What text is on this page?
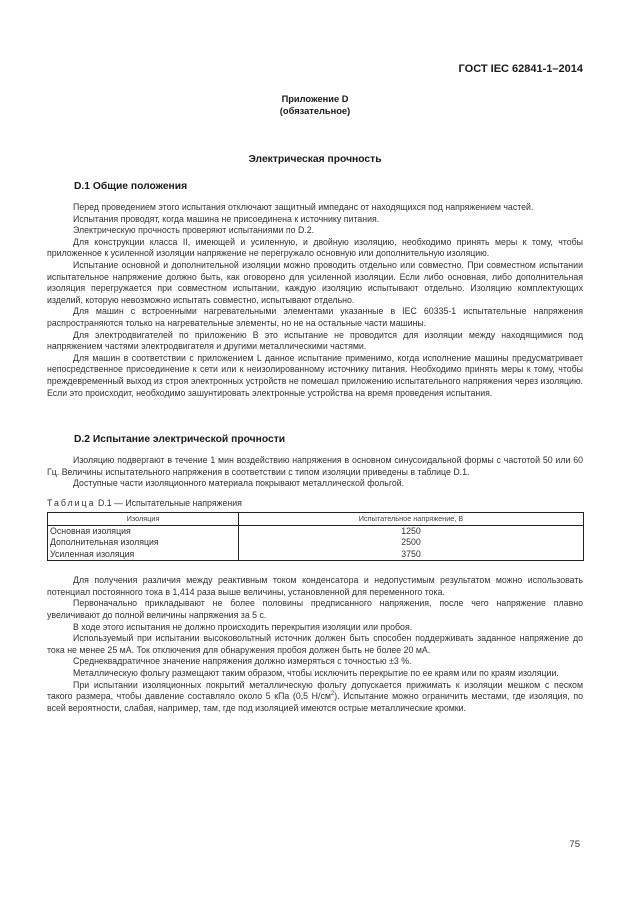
ГОСТ IEC 62841-1–2014
Приложение D
(обязательное)
Электрическая прочность
D.1 Общие положения

Перед проведением этого испытания отключают защитный импеданс от находящихся под напряжением частей.

Испытания проводят, когда машина не присоединена к источнику питания.

Электрическую прочность проверяют испытаниями по D.2.

Для конструкции класса II, имеющей и усиленную, и двойную изоляцию, необходимо принять меры к тому, чтобы приложенное к усиленной изоляции напряжение не перегружало основную или дополнительную изоляцию.

Испытание основной и дополнительной изоляции можно проводить отдельно или совместно. При совместном испытании испытательное напряжение должно быть, как оговорено для усиленной изоляции. Если либо основная, либо дополнительная изоляция перегружается при совместном испытании, каждую изоляцию испытывают отдельно. Изоляцию комплектующих изделий, которую невозможно испытать совместно, испытывают отдельно.

Для машин с встроенными нагревательными элементами указанные в IEC 60335-1 испытательные напряжения распространяются только на нагревательные элементы, но не на остальные части машины.

Для электродвигателей по приложению B это испытание не проводится для изоляции между находящимися под напряжением частями электродвигателя и другими металлическими частями.

Для машин в соответствии с приложением L данное испытание применимо, когда исполнение машины предусматривает непосредственное присоединение к сети или к неизолированному источнику питания. Необходимо принять меры к тому, чтобы преждевременный выход из строя электронных устройств не помешал приложению испытательного напряжения через изоляцию. Если это происходит, необходимо зашунтировать электронные устройства на время проведения испытания.

D.2 Испытание электрической прочности

Изоляцию подвергают в течение 1 мин воздействию напряжения в основном синусоидальной формы с частотой 50 или 60 Гц. Величины испытательного напряжения в соответствии с типом изоляции приведены в таблице D.1.

Доступные части изоляционного материала покрывают металлической фольгой.

Таблица D.1 — Испытательные напряжения
Изоляция	Испытательное напряжение, В
Основная изоляция	1250
Дополнительная изоляция	2500
Усиленная изоляция	3750

Для получения различия между реактивным током конденсатора и недопустимым результатом можно использовать потенциал постоянного тока в 1,414 раза выше величины, установленной для переменного тока.

Первоначально прикладывают не более половины предписанного напряжения, после чего напряжение плавно увеличивают до полной величины напряжения за 5 с.

В ходе этого испытания не должно происходить перекрытия изоляции или пробоя.

Используемый при испытании высоковольтный источник должен быть способен поддерживать заданное напряжение до тока не менее 25 мА. Ток отключения для обнаружения пробоя должен быть не более 20 мА.

Среднеквадратичное значение напряжения должно измеряться с точностью ±3 %.

Металлическую фольгу размещают таким образом, чтобы исключить перекрытие по ее краям или по краям изоляции.

При испытании изоляционных покрытий металлическую фольгу допускается прижимать к изоляции мешком с песком такого размера, чтобы давление составляло около 5 кПа (0,5 $Н/см^2$). Испытание можно ограничить местами, где изоляция, по всей вероятности, слабая, например, там, где под изоляцией имеются острые металлические кромки.

75
